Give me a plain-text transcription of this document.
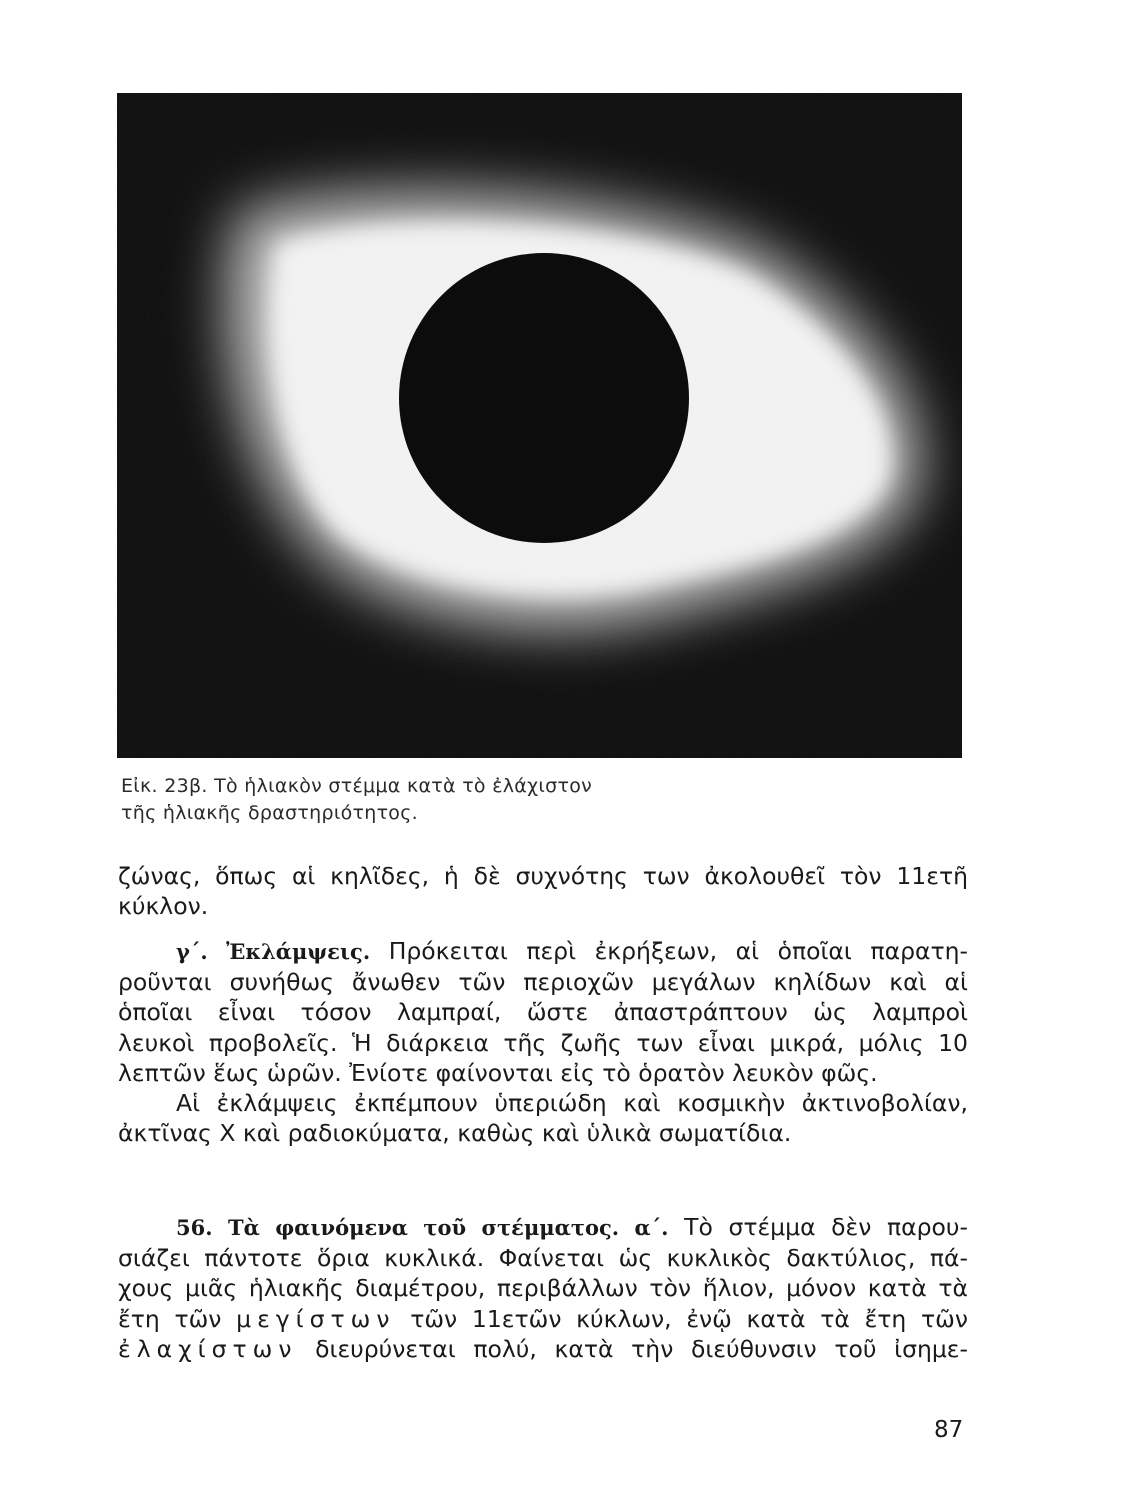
Εἰκ. 23β. Τὸ ἡλιακὸν στέμμα κατὰ τὸ ἐλάχιστον
τῆς ἡλιακῆς δραστηριότητος.
ζώνας, ὅπως αἱ κηλῖδες, ἡ δὲ συχνότης των ἀκολουθεῖ τὸν 11ετῆ
κύκλον.
γ΄. Ἐκλάμψεις. Πρόκειται περὶ ἐκρήξεων, αἱ ὁποῖαι παρατη-
ροῦνται συνήθως ἄνωθεν τῶν περιοχῶν μεγάλων κηλίδων καὶ αἱ
ὁποῖαι εἶναι τόσον λαμπραί, ὥστε ἀπαστράπτουν ὡς λαμπροὶ
λευκοὶ προβολεῖς. Ἡ διάρκεια τῆς ζωῆς των εἶναι μικρά, μόλις 10
λεπτῶν ἕως ὡρῶν. Ἐνίοτε φαίνονται εἰς τὸ ὁρατὸν λευκὸν φῶς.
Αἱ ἐκλάμψεις ἐκπέμπουν ὑπεριώδη καὶ κοσμικὴν ἀκτινοβολίαν,
ἀκτῖνας Χ καὶ ραδιοκύματα, καθὼς καὶ ὑλικὰ σωματίδια.
56. Τὰ φαινόμενα τοῦ στέμματος. α΄. Τὸ στέμμα δὲν παρου-
σιάζει πάντοτε ὅρια κυκλικά. Φαίνεται ὡς κυκλικὸς δακτύλιος, πά-
χους μιᾶς ἡλιακῆς διαμέτρου, περιβάλλων τὸν ἥλιον, μόνον κατὰ τὰ
ἔτη τῶν μεγίστων τῶν 11ετῶν κύκλων, ἐνῷ κατὰ τὰ ἔτη τῶν
ἐλαχίστων διευρύνεται πολύ, κατὰ τὴν διεύθυνσιν τοῦ ἰσημε-
87
